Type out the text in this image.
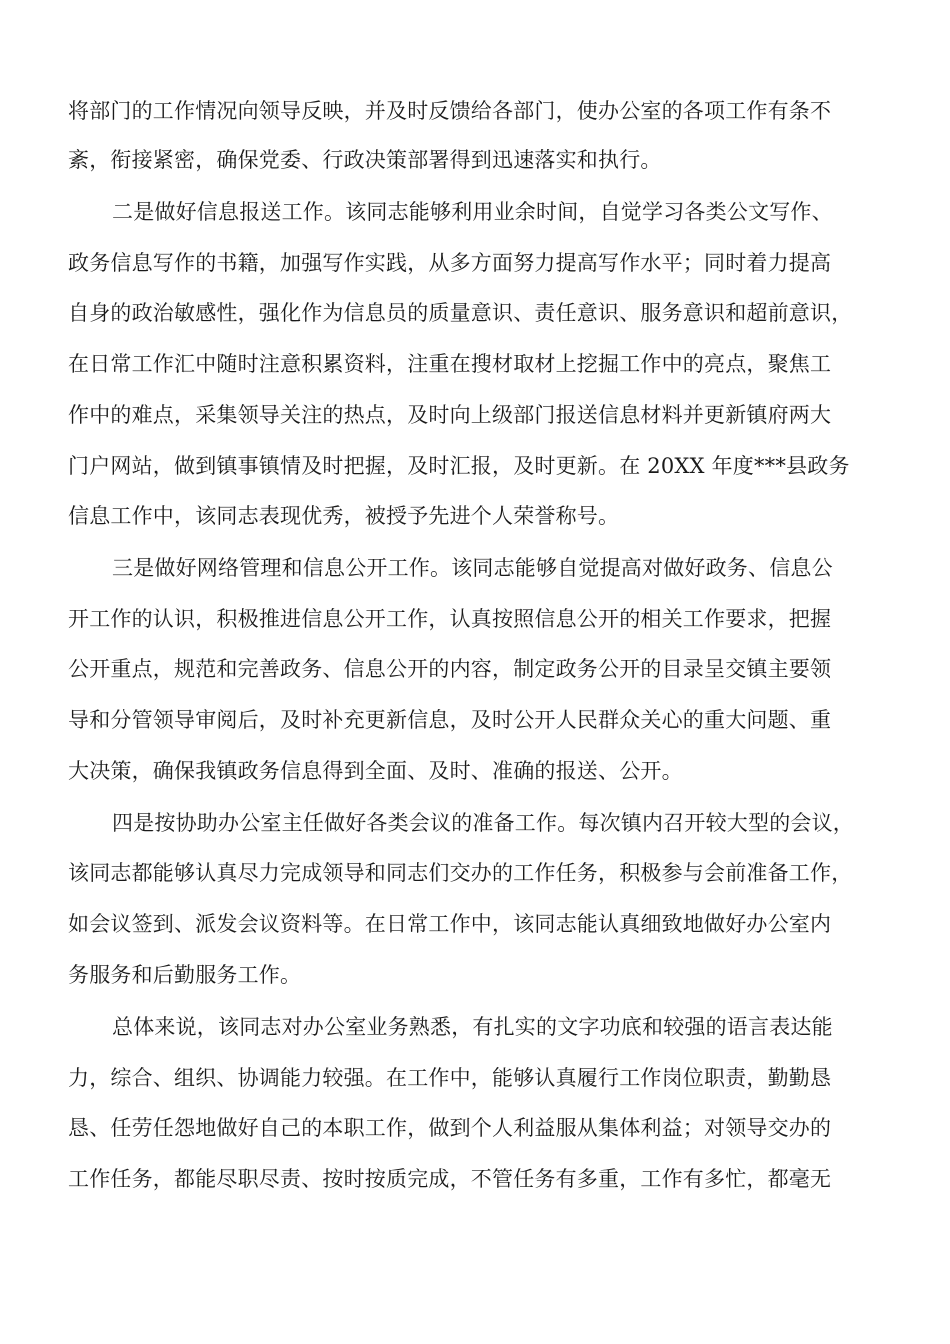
将部门的工作情况向领导反映，并及时反馈给各部门，使办公室的各项工作有条不
紊，衔接紧密，确保党委、行政决策部署得到迅速落实和执行。
二是做好信息报送工作。该同志能够利用业余时间，自觉学习各类公文写作、
政务信息写作的书籍，加强写作实践，从多方面努力提高写作水平；同时着力提高
自身的政治敏感性，强化作为信息员的质量意识、责任意识、服务意识和超前意识，
在日常工作汇中随时注意积累资料，注重在搜材取材上挖掘工作中的亮点，聚焦工
作中的难点，采集领导关注的热点，及时向上级部门报送信息材料并更新镇府两大
门户网站，做到镇事镇情及时把握，及时汇报，及时更新。在 20XX 年度***县政务
信息工作中，该同志表现优秀，被授予先进个人荣誉称号。
三是做好网络管理和信息公开工作。该同志能够自觉提高对做好政务、信息公
开工作的认识，积极推进信息公开工作，认真按照信息公开的相关工作要求，把握
公开重点，规范和完善政务、信息公开的内容，制定政务公开的目录呈交镇主要领
导和分管领导审阅后，及时补充更新信息，及时公开人民群众关心的重大问题、重
大决策，确保我镇政务信息得到全面、及时、准确的报送、公开。
四是按协助办公室主任做好各类会议的准备工作。每次镇内召开较大型的会议，
该同志都能够认真尽力完成领导和同志们交办的工作任务，积极参与会前准备工作，
如会议签到、派发会议资料等。在日常工作中，该同志能认真细致地做好办公室内
务服务和后勤服务工作。
总体来说，该同志对办公室业务熟悉，有扎实的文字功底和较强的语言表达能
力，综合、组织、协调能力较强。在工作中，能够认真履行工作岗位职责，勤勤恳
恳、任劳任怨地做好自己的本职工作，做到个人利益服从集体利益；对领导交办的
工作任务，都能尽职尽责、按时按质完成，不管任务有多重，工作有多忙，都毫无
